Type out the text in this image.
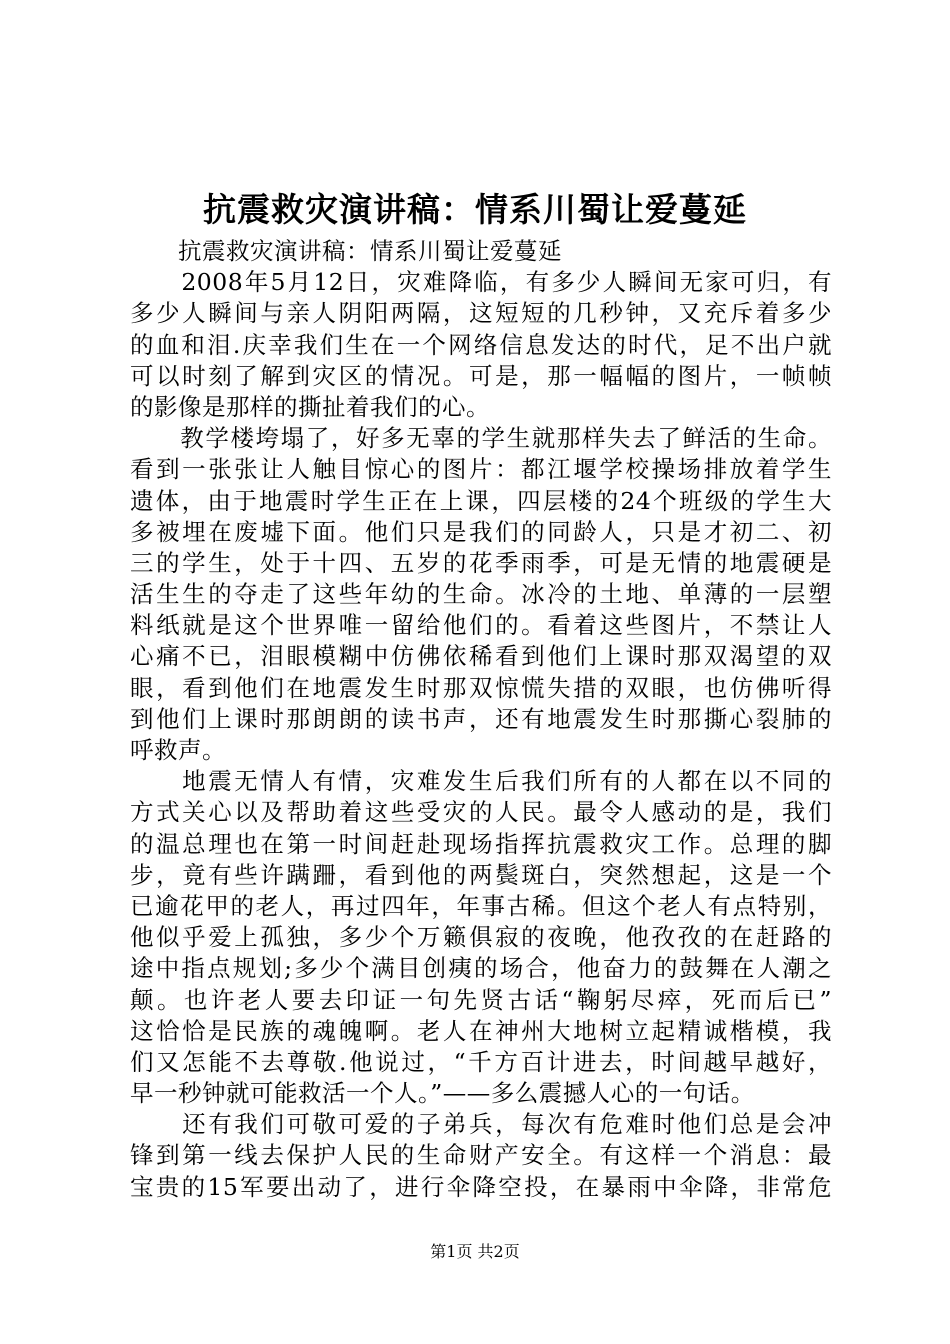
抗震救灾演讲稿：情系川蜀让爱蔓延
　　抗震救灾演讲稿：情系川蜀让爱蔓延
　　2008年5月12日，灾难降临，有多少人瞬间无家可归，有
多少人瞬间与亲人阴阳两隔，这短短的几秒钟，又充斥着多少
的血和泪.庆幸我们生在一个网络信息发达的时代，足不出户就
可以时刻了解到灾区的情况。可是，那一幅幅的图片，一帧帧
的影像是那样的撕扯着我们的心。
　　教学楼垮塌了，好多无辜的学生就那样失去了鲜活的生命。
看到一张张让人触目惊心的图片：都江堰学校操场排放着学生
遗体，由于地震时学生正在上课，四层楼的24个班级的学生大
多被埋在废墟下面。他们只是我们的同龄人，只是才初二、初
三的学生，处于十四、五岁的花季雨季，可是无情的地震硬是
活生生的夺走了这些年幼的生命。冰冷的土地、单薄的一层塑
料纸就是这个世界唯一留给他们的。看着这些图片，不禁让人
心痛不已，泪眼模糊中仿佛依稀看到他们上课时那双渴望的双
眼，看到他们在地震发生时那双惊慌失措的双眼，也仿佛听得
到他们上课时那朗朗的读书声，还有地震发生时那撕心裂肺的
呼救声。
　　地震无情人有情，灾难发生后我们所有的人都在以不同的
方式关心以及帮助着这些受灾的人民。最令人感动的是，我们
的温总理也在第一时间赶赴现场指挥抗震救灾工作。总理的脚
步，竟有些许蹒跚，看到他的两鬓斑白，突然想起，这是一个
已逾花甲的老人，再过四年，年事古稀。但这个老人有点特别，
他似乎爱上孤独，多少个万籁俱寂的夜晚，他孜孜的在赶路的
途中指点规划;多少个满目创痍的场合，他奋力的鼓舞在人潮之
颠。也许老人要去印证一句先贤古话“鞠躬尽瘁，死而后已”
这恰恰是民族的魂魄啊。老人在神州大地树立起精诚楷模，我
们又怎能不去尊敬.他说过，“千方百计进去，时间越早越好，
早一秒钟就可能救活一个人。”——多么震撼人心的一句话。
　　还有我们可敬可爱的子弟兵，每次有危难时他们总是会冲
锋到第一线去保护人民的生命财产安全。有这样一个消息：最
宝贵的15军要出动了，进行伞降空投，在暴雨中伞降，非常危
第1页 共2页
